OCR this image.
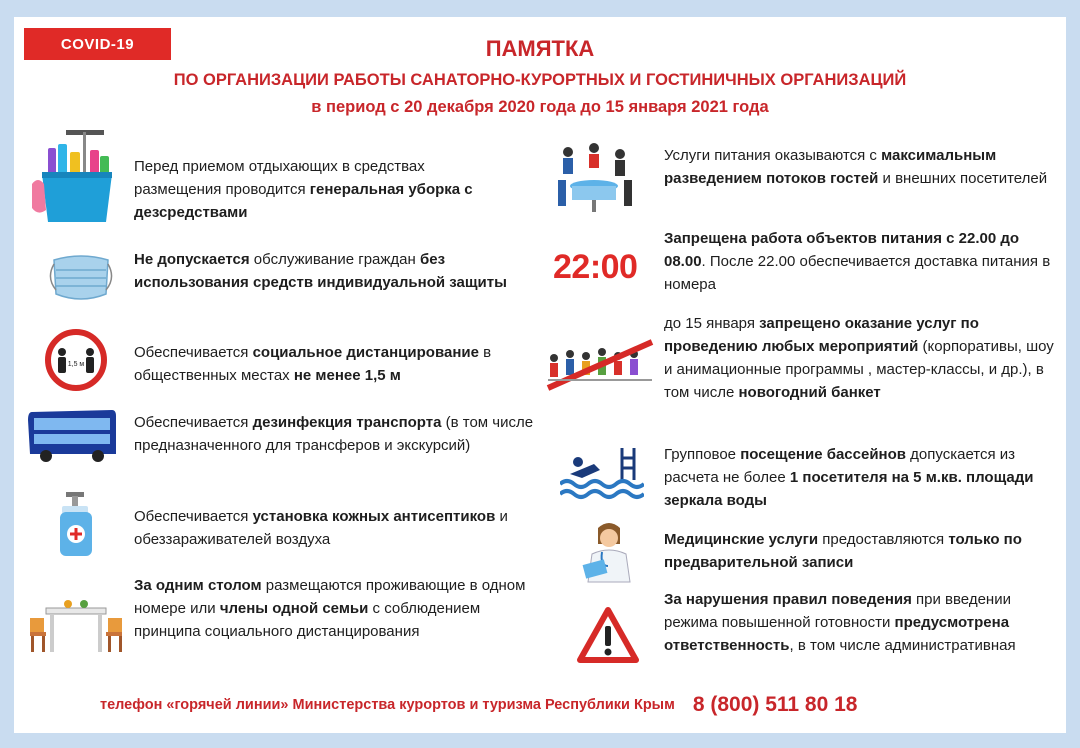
COVID-19	ПАМЯТКА
ПО ОРГАНИЗАЦИИ РАБОТЫ САНАТОРНО-КУРОРТНЫХ И ГОСТИНИЧНЫХ ОРГАНИЗАЦИЙ
в период с 20 декабря 2020 года до 15 января 2021 года
1,5 м
Перед приемом отдыхающих в средствах размещения проводится генеральная уборка с дезсредствами
Не допускается обслуживание граждан без использования средств индивидуальной защиты
Обеспечивается социальное дистанцирование в общественных местах не менее 1,5 м
Обеспечивается дезинфекция транспорта (в том числе предназначенного для трансферов и экскурсий)
Обеспечивается установка кожных антисептиков и обеззараживателей воздуха
За одним столом размещаются проживающие в одном номере или члены одной семьи с соблюдением принципа социального дистанцирования
22:00
Услуги питания оказываются с максимальным разведением потоков гостей и внешних посетителей
Запрещена работа объектов питания с 22.00 до 08.00. После 22.00 обеспечивается доставка питания в номера
до 15 января запрещено оказание услуг по проведению любых мероприятий (корпоративы, шоу и анимационные программы , мастер-классы, и др.), в том числе новогодний банкет
Групповое посещение бассейнов допускается из расчета не более 1 посетителя на 5 м.кв. площади зеркала воды
Медицинские услуги предоставляются только по предварительной записи
За нарушения правил поведения при введении режима повышенной готовности предусмотрена ответственность, в том числе административная
телефон «горячей линии» Министерства курортов и туризма Республики Крым 8 (800) 511 80 18
